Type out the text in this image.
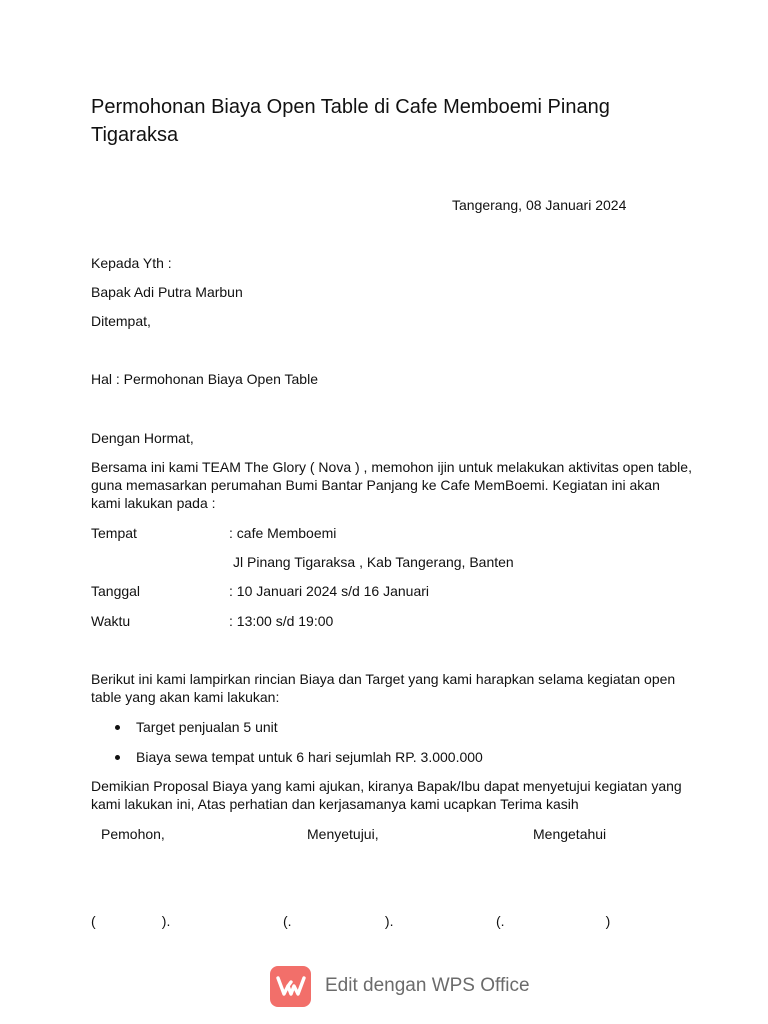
Permohonan Biaya Open Table di Cafe Memboemi Pinang
Tigaraksa
Tangerang, 08 Januari 2024
Kepada Yth :
Bapak Adi Putra Marbun
Ditempat,
Hal : Permohonan Biaya Open Table
Dengan Hormat,
Bersama ini kami TEAM The Glory ( Nova ) , memohon ijin untuk melakukan aktivitas open table,
guna memasarkan perumahan Bumi Bantar Panjang ke Cafe MemBoemi. Kegiatan ini akan
kami lakukan pada :
Tempat	: cafe Memboemi
Jl Pinang Tigaraksa , Kab Tangerang, Banten
Tanggal	: 10 Januari 2024 s/d 16 Januari
Waktu	: 13:00 s/d 19:00
Berikut ini kami lampirkan rincian Biaya dan Target yang kami harapkan selama kegiatan open
table yang akan kami lakukan:
Target penjualan 5 unit
Biaya sewa tempat untuk 6 hari sejumlah RP. 3.000.000
Demikian Proposal Biaya yang kami ajukan, kiranya Bapak/Ibu dapat menyetujui kegiatan yang
kami lakukan ini, Atas perhatian dan kerjasamanya kami ucapkan Terima kasih
Pemohon,	Menyetujui,	Mengetahui
(                 ).	(.                        ).	(.                          )
Edit dengan WPS Office
